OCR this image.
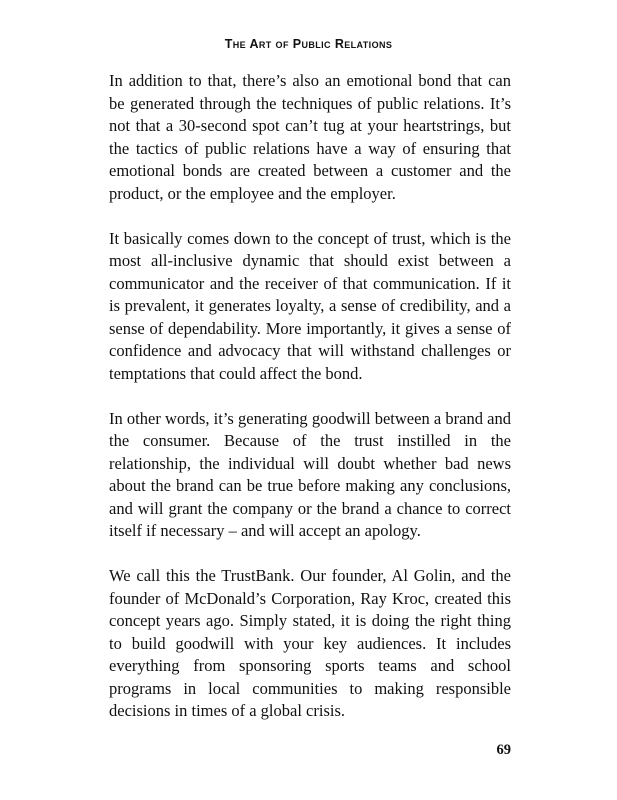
The Art of Public Relations

In addition to that, there’s also an emotional bond that can be generated through the techniques of public relations. It’s not that a 30-second spot can’t tug at your heartstrings, but the tactics of public relations have a way of ensuring that emotional bonds are created between a customer and the product, or the employee and the employer.

It basically comes down to the concept of trust, which is the most all-inclusive dynamic that should exist between a communicator and the receiver of that communication. If it is prevalent, it generates loyalty, a sense of credibility, and a sense of dependability. More importantly, it gives a sense of confidence and advocacy that will withstand challenges or temptations that could affect the bond.

In other words, it’s generating goodwill between a brand and the consumer. Because of the trust instilled in the relationship, the individual will doubt whether bad news about the brand can be true before making any conclusions, and will grant the company or the brand a chance to correct itself if necessary – and will accept an apology.

We call this the TrustBank. Our founder, Al Golin, and the founder of McDonald’s Corporation, Ray Kroc, created this concept years ago. Simply stated, it is doing the right thing to build goodwill with your key audiences. It includes everything from sponsoring sports teams and school programs in local communities to making responsible decisions in times of a global crisis.

69
